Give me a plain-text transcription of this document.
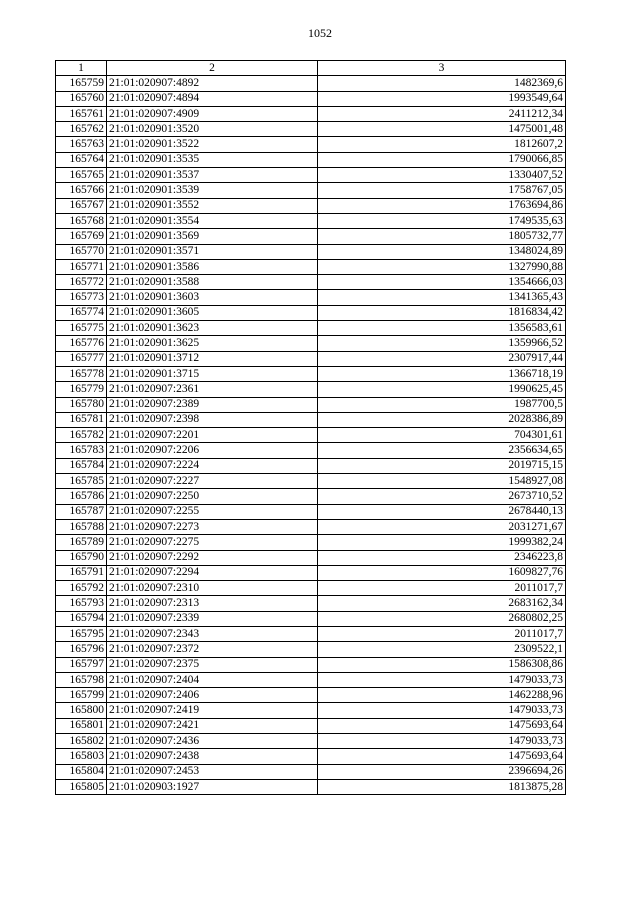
1052
1	2	3
165759	21:01:020907:4892	1482369,6
165760	21:01:020907:4894	1993549,64
165761	21:01:020907:4909	2411212,34
165762	21:01:020901:3520	1475001,48
165763	21:01:020901:3522	1812607,2
165764	21:01:020901:3535	1790066,85
165765	21:01:020901:3537	1330407,52
165766	21:01:020901:3539	1758767,05
165767	21:01:020901:3552	1763694,86
165768	21:01:020901:3554	1749535,63
165769	21:01:020901:3569	1805732,77
165770	21:01:020901:3571	1348024,89
165771	21:01:020901:3586	1327990,88
165772	21:01:020901:3588	1354666,03
165773	21:01:020901:3603	1341365,43
165774	21:01:020901:3605	1816834,42
165775	21:01:020901:3623	1356583,61
165776	21:01:020901:3625	1359966,52
165777	21:01:020901:3712	2307917,44
165778	21:01:020901:3715	1366718,19
165779	21:01:020907:2361	1990625,45
165780	21:01:020907:2389	1987700,5
165781	21:01:020907:2398	2028386,89
165782	21:01:020907:2201	704301,61
165783	21:01:020907:2206	2356634,65
165784	21:01:020907:2224	2019715,15
165785	21:01:020907:2227	1548927,08
165786	21:01:020907:2250	2673710,52
165787	21:01:020907:2255	2678440,13
165788	21:01:020907:2273	2031271,67
165789	21:01:020907:2275	1999382,24
165790	21:01:020907:2292	2346223,8
165791	21:01:020907:2294	1609827,76
165792	21:01:020907:2310	2011017,7
165793	21:01:020907:2313	2683162,34
165794	21:01:020907:2339	2680802,25
165795	21:01:020907:2343	2011017,7
165796	21:01:020907:2372	2309522,1
165797	21:01:020907:2375	1586308,86
165798	21:01:020907:2404	1479033,73
165799	21:01:020907:2406	1462288,96
165800	21:01:020907:2419	1479033,73
165801	21:01:020907:2421	1475693,64
165802	21:01:020907:2436	1479033,73
165803	21:01:020907:2438	1475693,64
165804	21:01:020907:2453	2396694,26
165805	21:01:020903:1927	1813875,28
